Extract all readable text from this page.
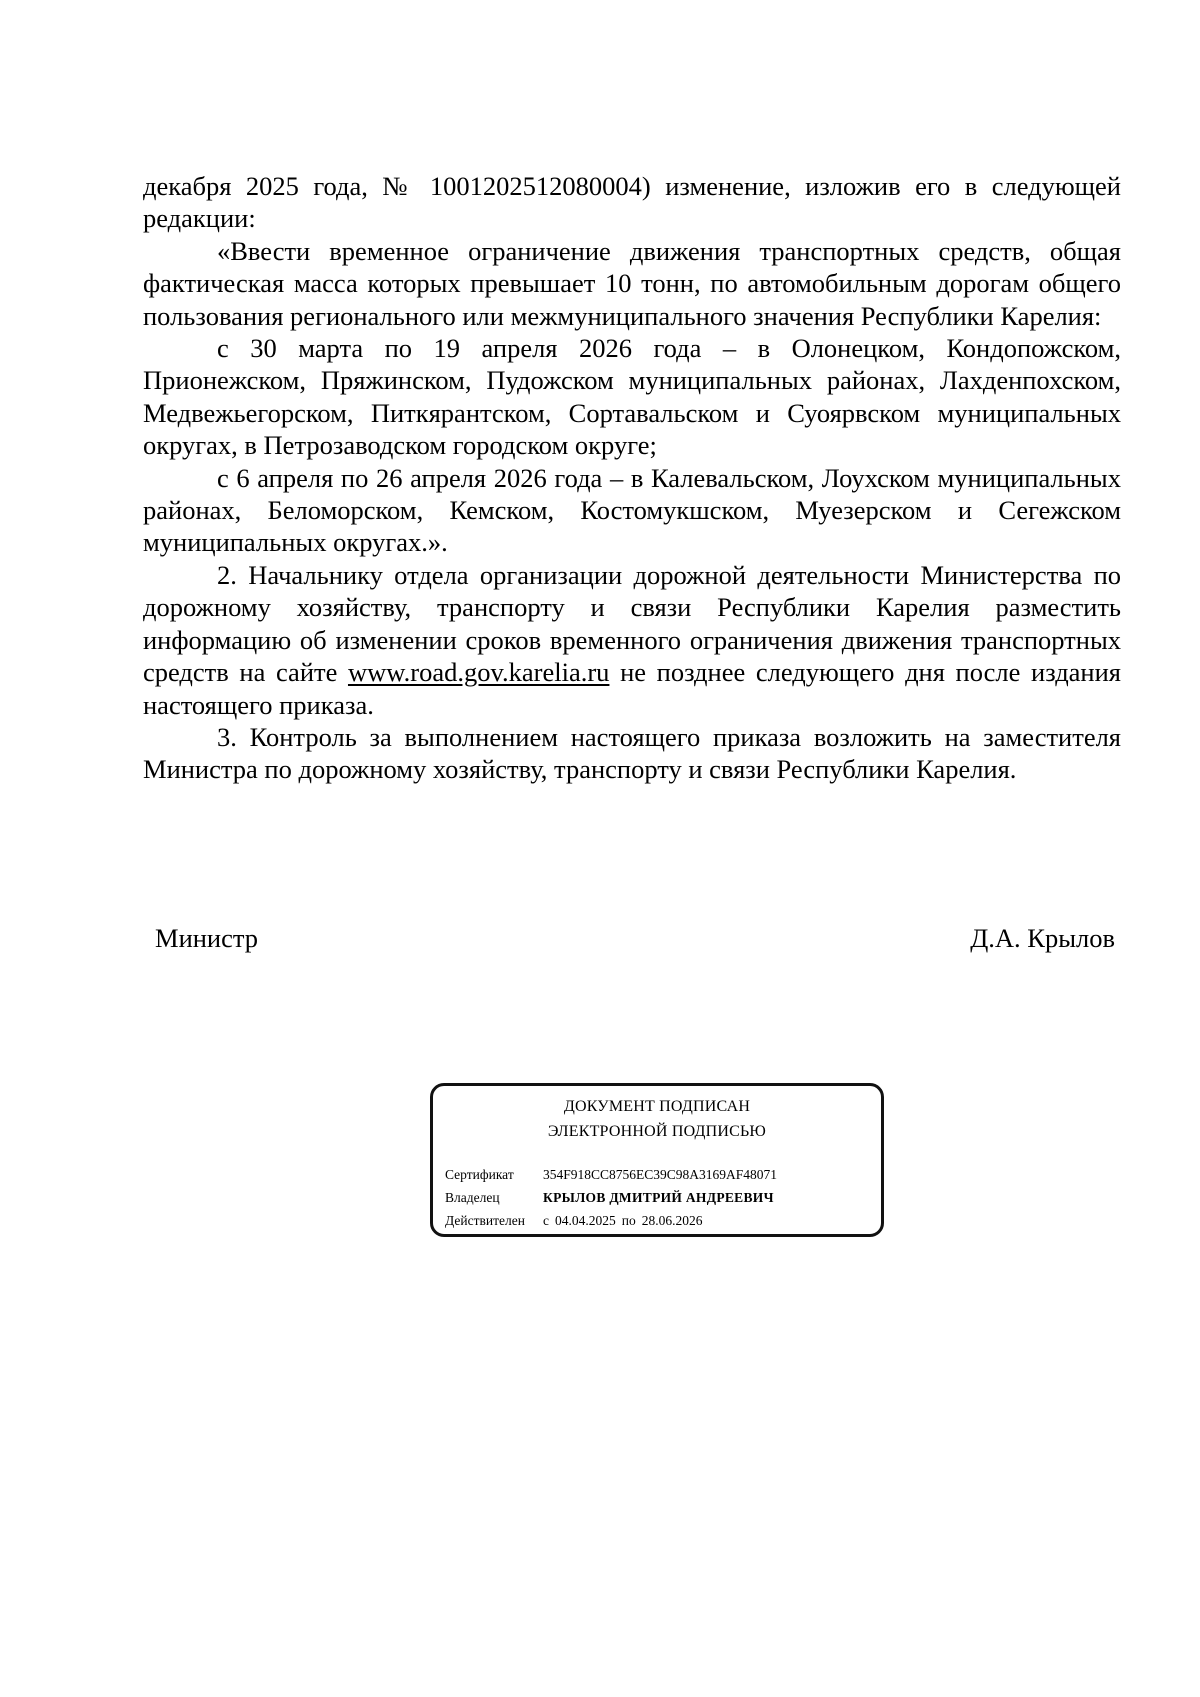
декабря 2025 года, № 1001202512080004) изменение, изложив его в следующей редакции:

«Ввести временное ограничение движения транспортных средств, общая фактическая масса которых превышает 10 тонн, по автомобильным дорогам общего пользования регионального или межмуниципального значения Республики Карелия:

с 30 марта по 19 апреля 2026 года – в Олонецком, Кондопожском, Прионежском, Пряжинском, Пудожском муниципальных районах, Лахденпохском, Медвежьегорском, Питкярантском, Сортавальском и Суоярвском муниципальных округах, в Петрозаводском городском округе;

с 6 апреля по 26 апреля 2026 года – в Калевальском, Лоухском муниципальных районах, Беломорском, Кемском, Костомукшском, Муезерском и Сегежском муниципальных округах.».

2. Начальнику отдела организации дорожной деятельности Министерства по дорожному хозяйству, транспорту и связи Республики Карелия разместить информацию об изменении сроков временного ограничения движения транспортных средств на сайте www.road.gov.karelia.ru не позднее следующего дня после издания настоящего приказа.

3. Контроль за выполнением настоящего приказа возложить на заместителя Министра по дорожному хозяйству, транспорту и связи Республики Карелия.

Министр	Д.А. Крылов
ДОКУМЕНТ ПОДПИСАН
ЭЛЕКТРОННОЙ ПОДПИСЬЮ
Сертификат 354F918CC8756EC39C98A3169AF48071
Владелец	КРЫЛОВ ДМИТРИЙ АНДРЕЕВИЧ
Действителен с 04.04.2025 по 28.06.2026
